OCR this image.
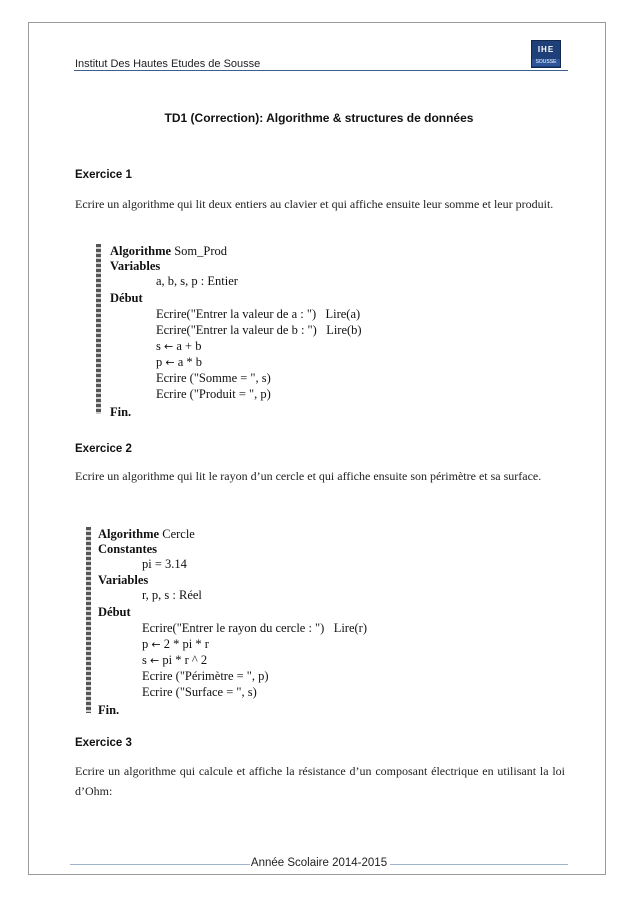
Institut Des Hautes Etudes de Sousse
IHE
SOUSSE
TD1 (Correction): Algorithme & structures de données
Exercice 1
Ecrire un algorithme qui lit deux entiers au clavier et qui affiche ensuite leur somme et leur produit.
Algorithme Som_Prod
Variables
a, b, s, p : Entier
Début
Ecrire("Entrer la valeur de a : ")   Lire(a)
Ecrire("Entrer la valeur de b : ")   Lire(b)
s ← a + b
p ← a * b
Ecrire ("Somme = ", s)
Ecrire ("Produit = ", p)
Fin.
Exercice 2
Ecrire un algorithme qui lit le rayon d’un cercle et qui affiche ensuite son périmètre et sa surface.
Algorithme Cercle
Constantes
pi = 3.14
Variables
r, p, s : Réel
Début
Ecrire("Entrer le rayon du cercle : ")   Lire(r)
p ← 2 * pi * r
s ← pi * r ^ 2
Ecrire ("Périmètre = ", p)
Ecrire ("Surface = ", s)
Fin.
Exercice 3
Ecrire un algorithme qui calcule et affiche la résistance d’un composant électrique en utilisant la loi d’Ohm:
Année Scolaire 2014-2015
